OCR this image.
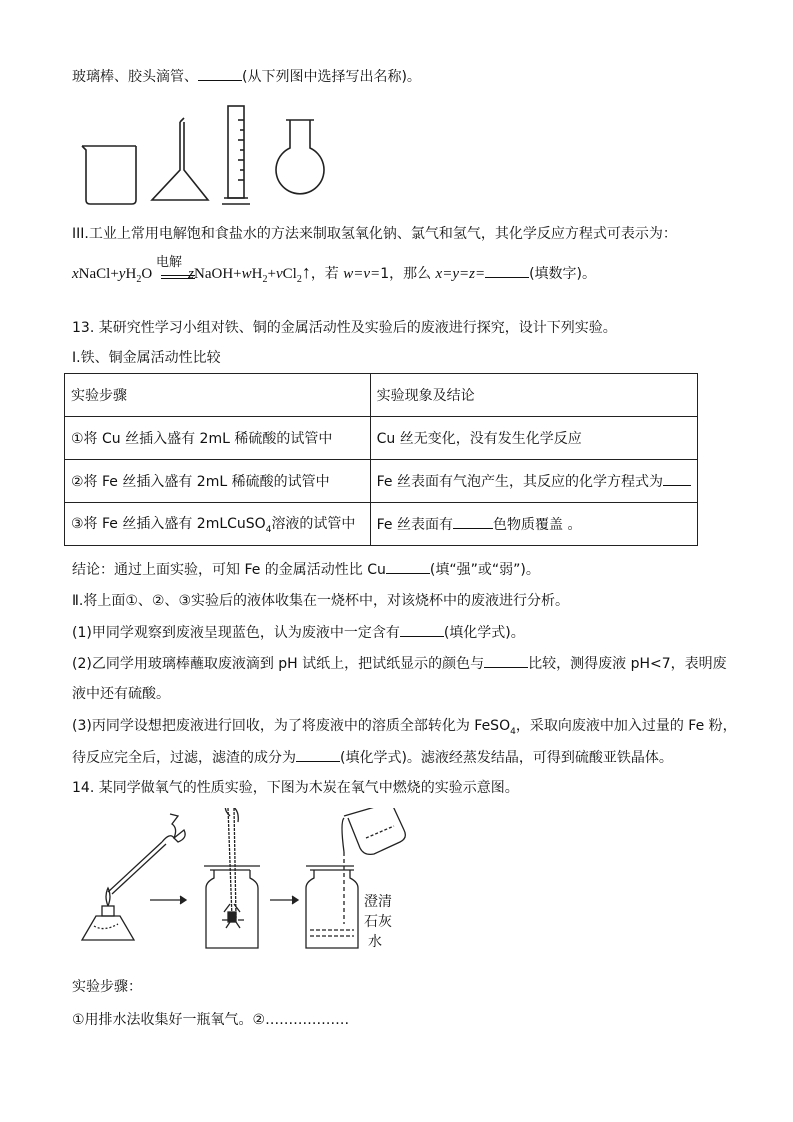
玻璃棒、胶头滴管、	(从下列图中选择写出名称)。
III.工业上常用电解饱和食盐水的方法来制取氢氧化钠、氯气和氢气，其化学反应方程式可表示为：
电解
$xNaCl+yH_2O$ $zNaOH+wH_2+vCl_2↑$，若 w=v=1，那么 x=y=z=	(填数字)。
13. 某研究性学习小组对铁、铜的金属活动性及实验后的废液进行探究，设计下列实验。
Ⅰ.铁、铜金属活动性比较
实验步骤	实验现象及结论
①将 Cu 丝插入盛有 2mL 稀硫酸的试管中	Cu 丝无变化，没有发生化学反应
②将 Fe 丝插入盛有 2mL 稀硫酸的试管中	Fe 丝表面有气泡产生，其反应的化学方程式为
③将 Fe 丝插入盛有 2mLCuSO$_4$溶液的试管中	Fe 丝表面有 色物质覆盖 。
结论：通过上面实验，可知 Fe 的金属活动性比 Cu	(填“强”或“弱”)。
Ⅱ.将上面①、②、③实验后的液体收集在一烧杯中，对该烧杯中的废液进行分析。
(1)甲同学观察到废液呈现蓝色，认为废液中一定含有	(填化学式)。
(2)乙同学用玻璃棒蘸取废液滴到 pH 试纸上，把试纸显示的颜色与	比较，测得废液 pH<7，表明废
液中还有硫酸。
(3)丙同学设想把废液进行回收，为了将废液中的溶质全部转化为 FeSO$_4$，采取向废液中加入过量的 Fe 粉，
待反应完全后，过滤，滤渣的成分为	(填化学式)。滤液经蒸发结晶，可得到硫酸亚铁晶体。
14. 某同学做氧气的性质实验，下图为木炭在氧气中燃烧的实验示意图。
澄 清
石灰
水
实验步骤：
①用排水法收集好一瓶氧气。②………………
